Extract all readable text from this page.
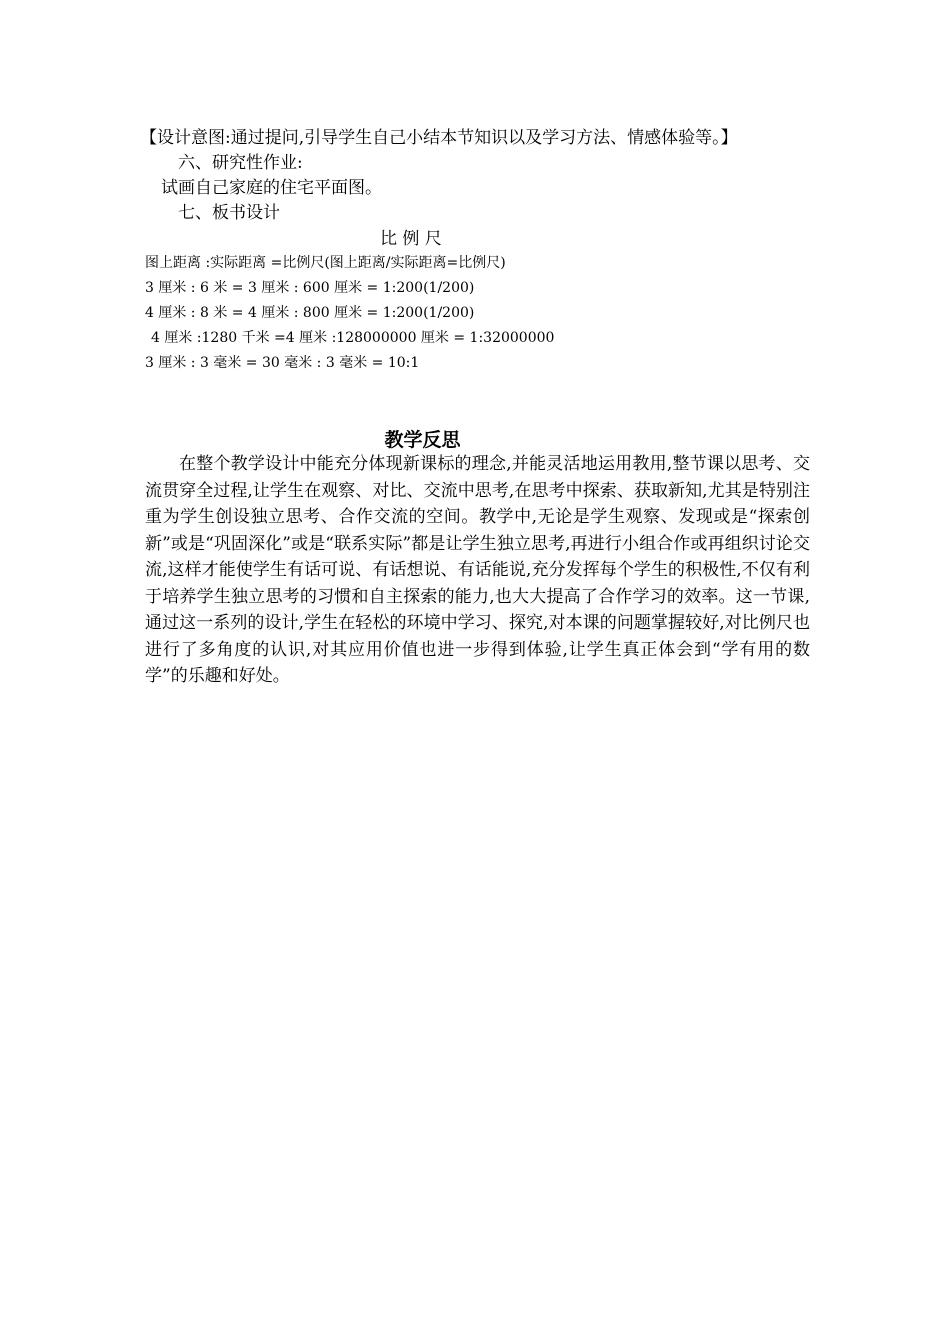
【设计意图:通过提问,引导学生自己小结本节知识以及学习方法、情感体验等。】
六、研究性作业:
试画自己家庭的住宅平面图。
七、板书设计
比 例 尺
图上距离 :实际距离 =比例尺(图上距离/实际距离=比例尺)
3 厘米 : 6 米 = 3 厘米 : 600 厘米 = 1:200(1/200)
4 厘米 : 8 米 = 4 厘米 : 800 厘米 = 1:200(1/200)
4 厘米 :1280 千米 =4 厘米 :128000000 厘米 = 1:32000000
3 厘米 : 3 毫米 = 30 毫米 : 3 毫米 = 10:1
教学反思
在整个教学设计中能充分体现新课标的理念,并能灵活地运用教用,整节课以思考、交流贯穿全过程,让学生在观察、对比、交流中思考,在思考中探索、获取新知,尤其是特别注重为学生创设独立思考、合作交流的空间。教学中,无论是学生观察、发现或是“探索创新”或是“巩固深化”或是“联系实际”都是让学生独立思考,再进行小组合作或再组织讨论交流,这样才能使学生有话可说、有话想说、有话能说,充分发挥每个学生的积极性,不仅有利于培养学生独立思考的习惯和自主探索的能力,也大大提高了合作学习的效率。这一节课,通过这一系列的设计,学生在轻松的环境中学习、探究,对本课的问题掌握较好,对比例尺也进行了多角度的认识,对其应用价值也进一步得到体验,让学生真正体会到“学有用的数学”的乐趣和好处。
